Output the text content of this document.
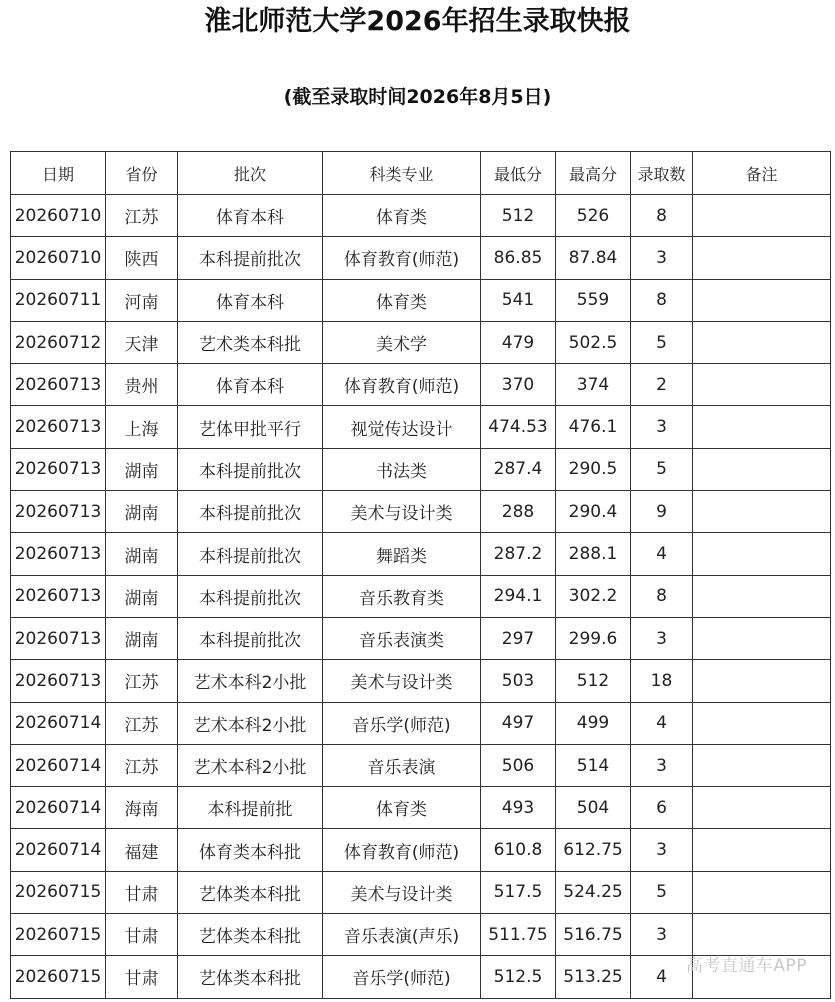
淮北师范大学2026年招生录取快报
(截至录取时间2026年8月5日)
日期	省份	批次	科类专业	最低分	最高分	录取数	备注
20260710	江苏	体育本科	体育类	512	526	8	
20260710	陕西	本科提前批次	体育教育(师范)	86.85	87.84	3	
20260711	河南	体育本科	体育类	541	559	8	
20260712	天津	艺术类本科批	美术学	479	502.5	5	
20260713	贵州	体育本科	体育教育(师范)	370	374	2	
20260713	上海	艺体甲批平行	视觉传达设计	474.53	476.1	3	
20260713	湖南	本科提前批次	书法类	287.4	290.5	5	
20260713	湖南	本科提前批次	美术与设计类	288	290.4	9	
20260713	湖南	本科提前批次	舞蹈类	287.2	288.1	4	
20260713	湖南	本科提前批次	音乐教育类	294.1	302.2	8	
20260713	湖南	本科提前批次	音乐表演类	297	299.6	3	
20260713	江苏	艺术本科2小批	美术与设计类	503	512	18	
20260714	江苏	艺术本科2小批	音乐学(师范)	497	499	4	
20260714	江苏	艺术本科2小批	音乐表演	506	514	3	
20260714	海南	本科提前批	体育类	493	504	6	
20260714	福建	体育类本科批	体育教育(师范)	610.8	612.75	3	
20260715	甘肃	艺体类本科批	美术与设计类	517.5	524.25	5	
20260715	甘肃	艺体类本科批	音乐表演(声乐)	511.75	516.75	3	
20260715	甘肃	艺体类本科批	音乐学(师范)	512.5	513.25	4	
高考直通车APP
